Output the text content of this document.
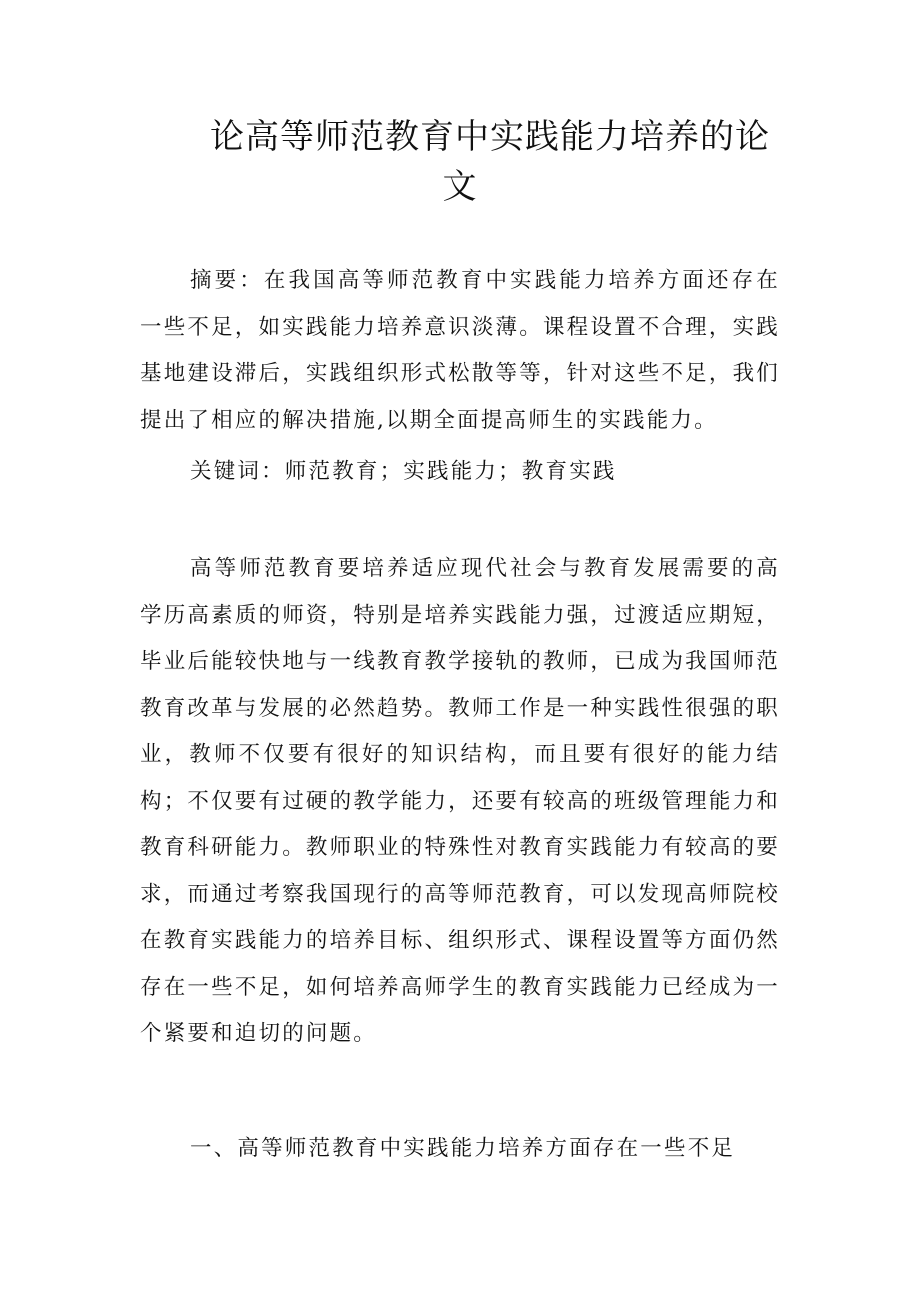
论高等师范教育中实践能力培养的论
文

摘要：在我国高等师范教育中实践能力培养方面还存在一些不足，如实践能力培养意识淡薄。课程设置不合理，实践基地建设滞后，实践组织形式松散等等，针对这些不足，我们提出了相应的解决措施,以期全面提高师生的实践能力。

关键词：师范教育；实践能力；教育实践

高等师范教育要培养适应现代社会与教育发展需要的高学历高素质的师资，特别是培养实践能力强，过渡适应期短，毕业后能较快地与一线教育教学接轨的教师，已成为我国师范教育改革与发展的必然趋势。教师工作是一种实践性很强的职业，教师不仅要有很好的知识结构，而且要有很好的能力结构；不仅要有过硬的教学能力，还要有较高的班级管理能力和教育科研能力。教师职业的特殊性对教育实践能力有较高的要求，而通过考察我国现行的高等师范教育，可以发现高师院校在教育实践能力的培养目标、组织形式、课程设置等方面仍然存在一些不足，如何培养高师学生的教育实践能力已经成为一个紧要和迫切的问题。

一、高等师范教育中实践能力培养方面存在一些不足
